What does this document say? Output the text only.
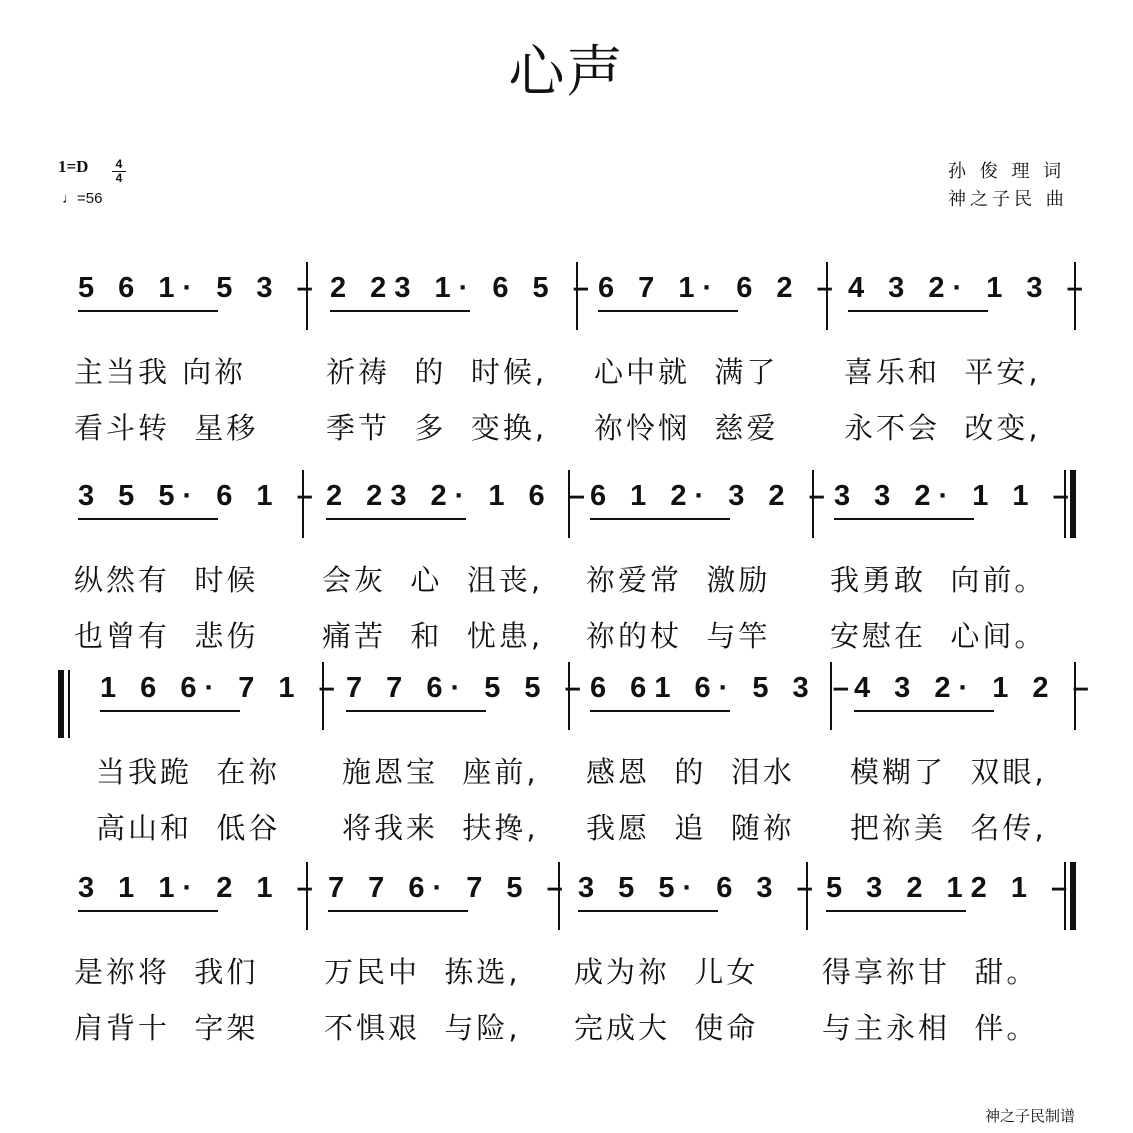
心声
1=D	4
4
♩=56
孙 俊 理 词
神之子民 曲
5 6 1· 5 3 – 2 23 1· 6 5 – 6 7 1· 6 2 – 4 3 2· 1 3 –
主当我 向祢	祈祷  的  时候, 心中就  满了 喜乐和  平安,
看斗转  星移 季节  多  变换, 祢怜悯  慈爱 永不会  改变,
3 5 5· 6 1 – 2 23 2· 1 6 –
6 1 2· 3 2 – 3 3 2· 1 1 –
纵然有  时候 会灰  心  沮丧, 祢爱常  激励 我勇敢  向前。
也曾有  悲伤 痛苦  和  忧患, 祢的杖  与竿 安慰在  心间。
1 6 6· 7 1 – 7 7 6· 5 5 – 6 61 6· 5 3 –
4 3 2· 1 2 –
当我跪  在祢 施恩宝  座前, 感恩  的  泪水 模糊了  双眼,
高山和  低谷 将我来  扶搀, 我愿  追  随祢 把祢美  名传,
3 1 1· 2 1 – 7 7 6· 7 5 – 3 5 5· 6 3 – 5 3 2 12 1 –
是祢将  我们 万民中  拣选, 成为祢  儿女 得享祢甘  甜。
肩背十  字架 不惧艰  与险, 完成大  使命 与主永相  伴。
神之子民制谱
